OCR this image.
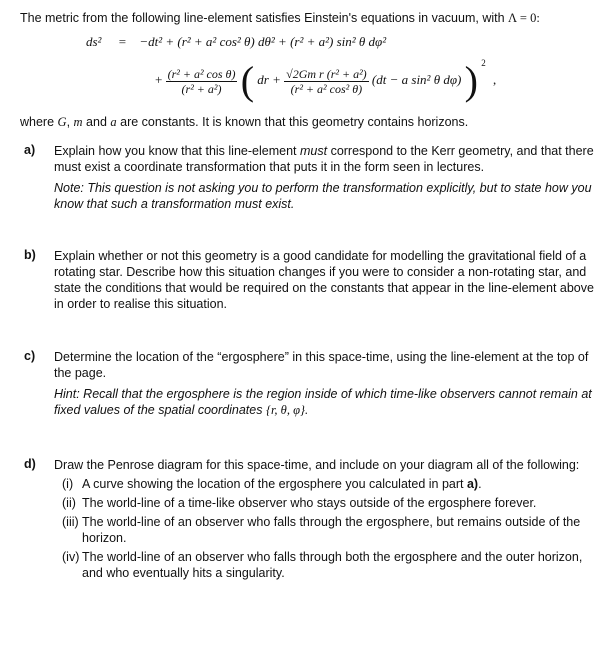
The metric from the following line-element satisfies Einstein's equations in vacuum, with Λ = 0:
ds² = −dt² + (r² + a² cos² θ) dθ² + (r² + a²) sin² θ dφ²
+ $\frac{\text{(r² + a² cos θ)}}{\text{(r² + a²)}}$ ( dr + $\frac{\text{√2Gm r (r² + a²)}}{\text{(r² + a² cos² θ)}} (dt - a$ sin² θ dφ) ) $^2$ ,
where G, m and a are constants. It is known that this geometry contains horizons.
a) Explain how you know that this line-element must correspond to the Kerr geometry, and that there must exist a coordinate transformation that puts it in the form seen in lectures.
Note: This question is not asking you to perform the transformation explicitly, but to state how you know that such a transformation must exist.
b) Explain whether or not this geometry is a good candidate for modelling the gravitational field of a rotating star. Describe how this situation changes if you were to consider a non-rotating star, and state the conditions that would be required on the constants that appear in the line-element above in order to realise this situation.
c) Determine the location of the “ergosphere” in this space-time, using the line-element at the top of the page.
Hint: Recall that the ergosphere is the region inside of which time-like observers cannot remain at fixed values of the spatial coordinates {r, θ, φ}.
d) Draw the Penrose diagram for this space-time, and include on your diagram all of the following:
(i) A curve showing the location of the ergosphere you calculated in part a).
(ii) The world-line of a time-like observer who stays outside of the ergosphere forever.
(iii) The world-line of an observer who falls through the ergosphere, but remains outside of the horizon.
(iv) The world-line of an observer who falls through both the ergosphere and the outer horizon, and who eventually hits a singularity.
